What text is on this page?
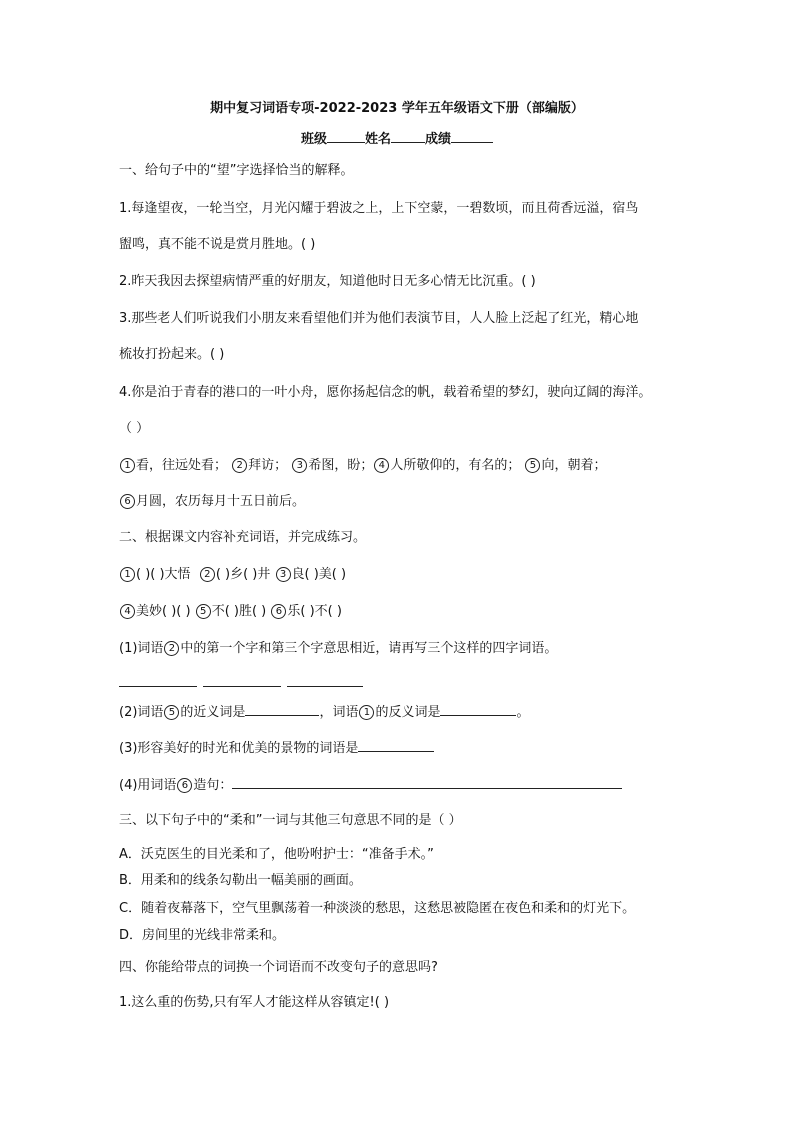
期中复习词语专项-2022-2023 学年五年级语文下册（部编版）
班级	姓名	成绩
一、给句子中的“望”字选择恰当的解释。
1.每逢望夜，一轮当空，月光闪耀于碧波之上，上下空蒙，一碧数顷，而且荷香远溢，宿鸟
盥鸣，真不能不说是赏月胜地。( )
2.昨天我因去探望病情严重的好朋友，知道他时日无多心情无比沉重。( )
3.那些老人们听说我们小朋友来看望他们并为他们表演节目，人人脸上泛起了红光，精心地
梳妆打扮起来。( )
4.你是泊于青春的港口的一叶小舟，愿你扬起信念的帆，载着希望的梦幻，驶向辽阔的海洋。
（ ）
1 看，往远处看； 2 拜访； 3 希图，盼； 4 人所敬仰的，有名的； 5 向，朝着；
6 月圆，农历每月十五日前后。
二、根据课文内容补充词语，并完成练习。
1 ( )( )大悟 2 ( )乡( )井 3 良( )美( )
4 美妙( )( ) 5 不( )胜( ) 6 乐( )不( )
(1)词语 2 中的第一个字和第三个字意思相近，请再写三个这样的四字词语。
(2)词语 5 的近义词是	，词语 1 的反义词是	。
(3)形容美好的时光和优美的景物的词语是
(4)用词语 6 造句：
三、以下句子中的“柔和”一词与其他三句意思不同的是（ ）
A．沃克医生的目光柔和了，他吩咐护士：“准备手术。”
B．用柔和的线条勾勒出一幅美丽的画面。
C．随着夜幕落下，空气里飘荡着一种淡淡的愁思，这愁思被隐匿在夜色和柔和的灯光下。
D．房间里的光线非常柔和。
四、你能给带点的词换一个词语而不改变句子的意思吗?
1.这么重的伤势,只有军人才能这样从容镇定!( )
